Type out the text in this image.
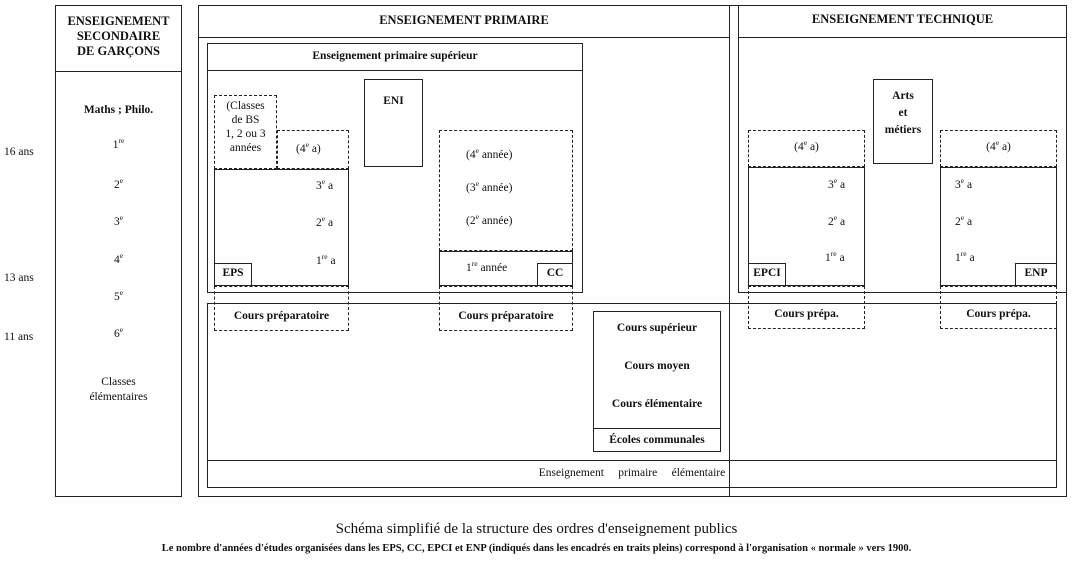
16 ans
13 ans
11 ans
ENSEIGNEMENT
SECONDAIRE
DE GARÇONS
Maths ; Philo.
1re
2e
3e
4e
5e
6e
Classes
élémentaires
ENSEIGNEMENT PRIMAIRE
Enseignement primaire supérieur
(Classes
de BS
1, 2 ou 3
années	(4e a)
3e a
2e a
1re a
EPS
Cours préparatoire
ENI
(4e année)
(3e année)
(2e année)
1re année	CC
Cours préparatoire
Enseignement     primaire     élémentaire
Cours supérieur
Cours moyen
Cours élémentaire
Écoles communales
ENSEIGNEMENT TECHNIQUE
Arts
et
métiers
(4e a)
3e a
2e a
1re a
EPCI
Cours prépa.
(4e a)
3e a
2e a
1re a
ENP
Cours prépa.
Schéma simplifié de la structure des ordres d'enseignement publics
Le nombre d'années d'études organisées dans les EPS, CC, EPCI et ENP (indiqués dans les encadrés en traits pleins) correspond à l'organisation « normale » vers 1900.
